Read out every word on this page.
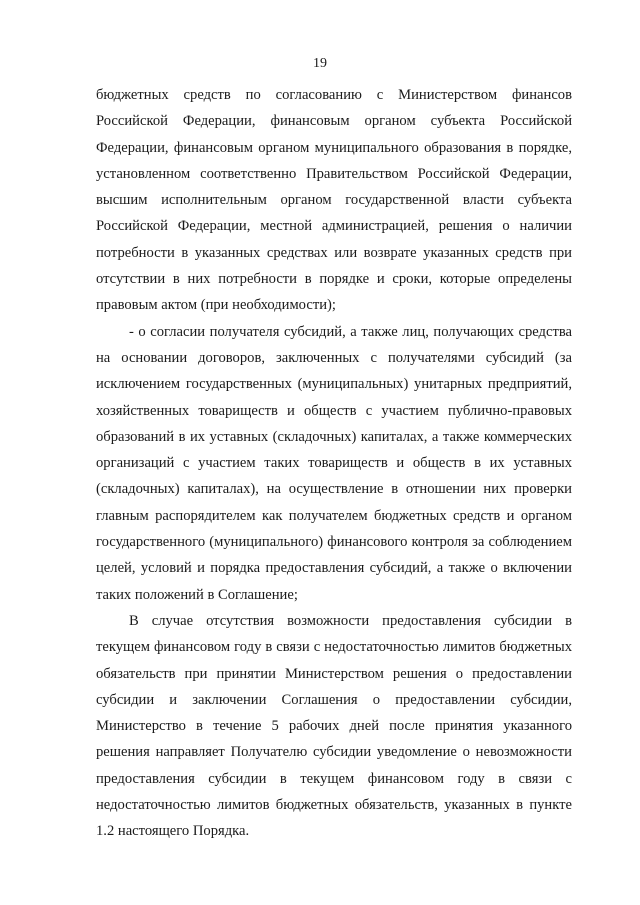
19

бюджетных средств по согласованию с Министерством финансов Российской Федерации, финансовым органом субъекта Российской Федерации, финансовым органом муниципального образования в порядке, установленном соответственно Правительством Российской Федерации, высшим исполнительным органом государственной власти субъекта Российской Федерации, местной администрацией, решения о наличии потребности в указанных средствах или возврате указанных средств при отсутствии в них потребности в порядке и сроки, которые определены правовым актом (при необходимости);

- о согласии получателя субсидий, а также лиц, получающих средства на основании договоров, заключенных с получателями субсидий (за исключением государственных (муниципальных) унитарных предприятий, хозяйственных товариществ и обществ с участием публично-правовых образований в их уставных (складочных) капиталах, а также коммерческих организаций с участием таких товариществ и обществ в их уставных (складочных) капиталах), на осуществление в отношении них проверки главным распорядителем как получателем бюджетных средств и органом государственного (муниципального) финансового контроля за соблюдением целей, условий и порядка предоставления субсидий, а также о включении таких положений в Соглашение;

В случае отсутствия возможности предоставления субсидии в текущем финансовом году в связи с недостаточностью лимитов бюджетных обязательств при принятии Министерством решения о предоставлении субсидии и заключении Соглашения о предоставлении субсидии, Министерство в течение 5 рабочих дней после принятия указанного решения направляет Получателю субсидии уведомление о невозможности предоставления субсидии в текущем финансовом году в связи с недостаточностью лимитов бюджетных обязательств, указанных в пункте 1.2 настоящего Порядка.
